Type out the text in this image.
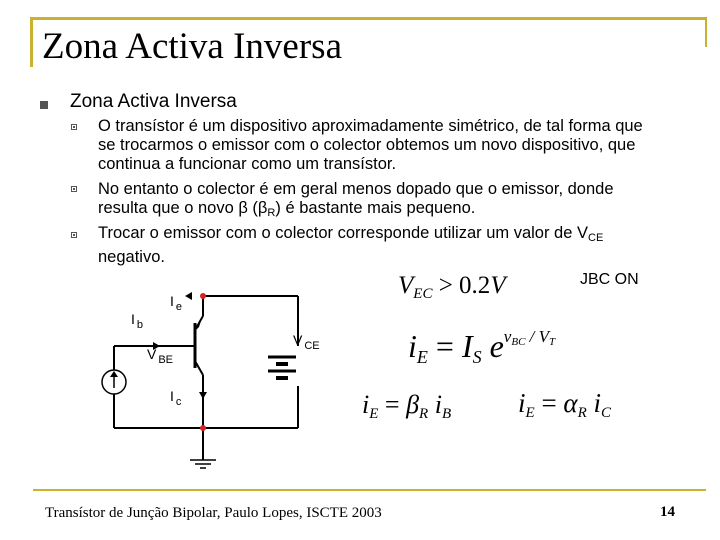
Zona Activa Inversa
Zona Activa Inversa
O transístor é um dispositivo aproximadamente simétrico, de tal forma que se trocarmos o emissor com o colector obtemos um novo dispositivo, que continua a funcionar como um transístor.
No entanto o colector é em geral menos dopado que o emissor, donde resulta que o novo β $(\beta_R)$ é bastante mais pequeno.
Trocar o emissor com o colector corresponde utilizar um valor de $V_{CE}$ negativo.
I $_b$
I $_e$
V $_{BE}$
V $_{CE}$
I $_c$
JBC ON
$V_{EC} > 0.2V$
iE = IS $e^{vBC / VT}$
iE = βR iB iE = αR iC
Transístor de Junção Bipolar, Paulo Lopes, ISCTE 2003	14
